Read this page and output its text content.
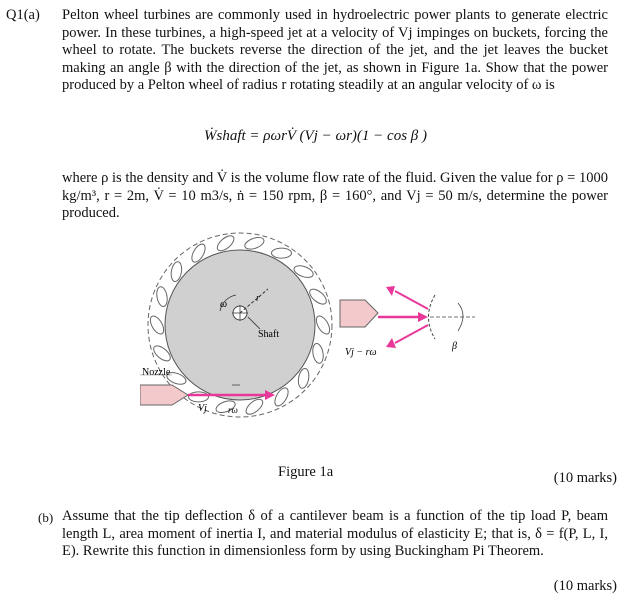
Q1(a) Pelton wheel turbines are commonly used in hydroelectric power plants to generate electric power. In these turbines, a high-speed jet at a velocity of Vj impinges on buckets, forcing the wheel to rotate. The buckets reverse the direction of the jet, and the jet leaves the bucket making an angle β with the direction of the jet, as shown in Figure 1a. Show that the power produced by a Pelton wheel of radius r rotating steadily at an angular velocity of ω is
Ẇshaft = ρωrV̇ (Vj − ωr)(1 − cos β )
where ρ is the density and V̇ is the volume flow rate of the fluid. Given the value for ρ = 1000 kg/m³, r = 2m, V̇ = 10 m3/s, ṅ = 150 rpm, β = 160°, and Vj = 50 m/s, determine the power produced.
ω
r
Shaft
Nozzle
Vj rω
β
Vj − rω
Figure 1a	(10 marks)
(b) Assume that the tip deflection δ of a cantilever beam is a function of the tip load P, beam length L, area moment of inertia I, and material modulus of elasticity E; that is, δ = f(P, L, I, E). Rewrite this function in dimensionless form by using Buckingham Pi Theorem.
(10 marks)
